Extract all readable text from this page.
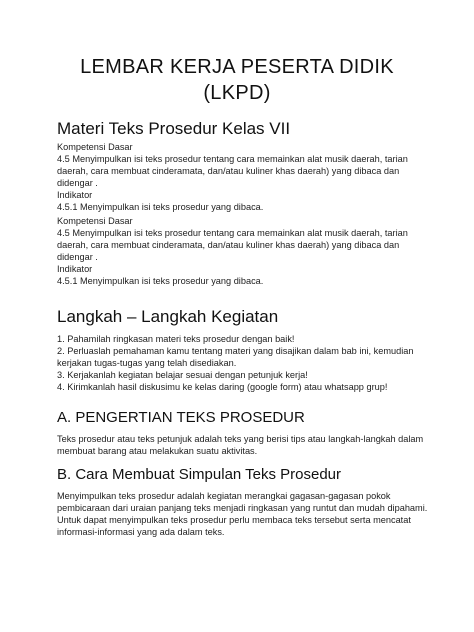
LEMBAR KERJA PESERTA DIDIK
(LKPD)
Materi Teks Prosedur Kelas VII
Kompetensi Dasar
4.5 Menyimpulkan isi teks prosedur tentang cara memainkan alat musik daerah, tarian
daerah, cara membuat cinderamata, dan/atau kuliner khas daerah) yang dibaca dan
didengar .
Indikator
4.5.1 Menyimpulkan isi teks prosedur yang dibaca.
Kompetensi Dasar
4.5 Menyimpulkan isi teks prosedur tentang cara memainkan alat musik daerah, tarian
daerah, cara membuat cinderamata, dan/atau kuliner khas daerah) yang dibaca dan
didengar .
Indikator
4.5.1 Menyimpulkan isi teks prosedur yang dibaca.
Langkah – Langkah Kegiatan
1. Pahamilah ringkasan materi teks prosedur dengan baik!
2. Perluaslah pemahaman kamu tentang materi yang disajikan dalam bab ini, kemudian
kerjakan tugas-tugas yang telah disediakan.
3. Kerjakanlah kegiatan belajar sesuai dengan petunjuk kerja!
4. Kirimkanlah hasil diskusimu ke kelas daring (google form) atau whatsapp grup!
A. PENGERTIAN TEKS PROSEDUR
Teks prosedur atau teks petunjuk adalah teks yang berisi tips atau langkah-langkah dalam
membuat barang atau melakukan suatu aktivitas.
B. Cara Membuat Simpulan Teks Prosedur
Menyimpulkan teks prosedur adalah kegiatan merangkai gagasan-gagasan pokok
pembicaraan dari uraian panjang teks menjadi ringkasan yang runtut dan mudah dipahami.
Untuk dapat menyimpulkan teks prosedur perlu membaca teks tersebut serta mencatat
informasi-informasi yang ada dalam teks.
